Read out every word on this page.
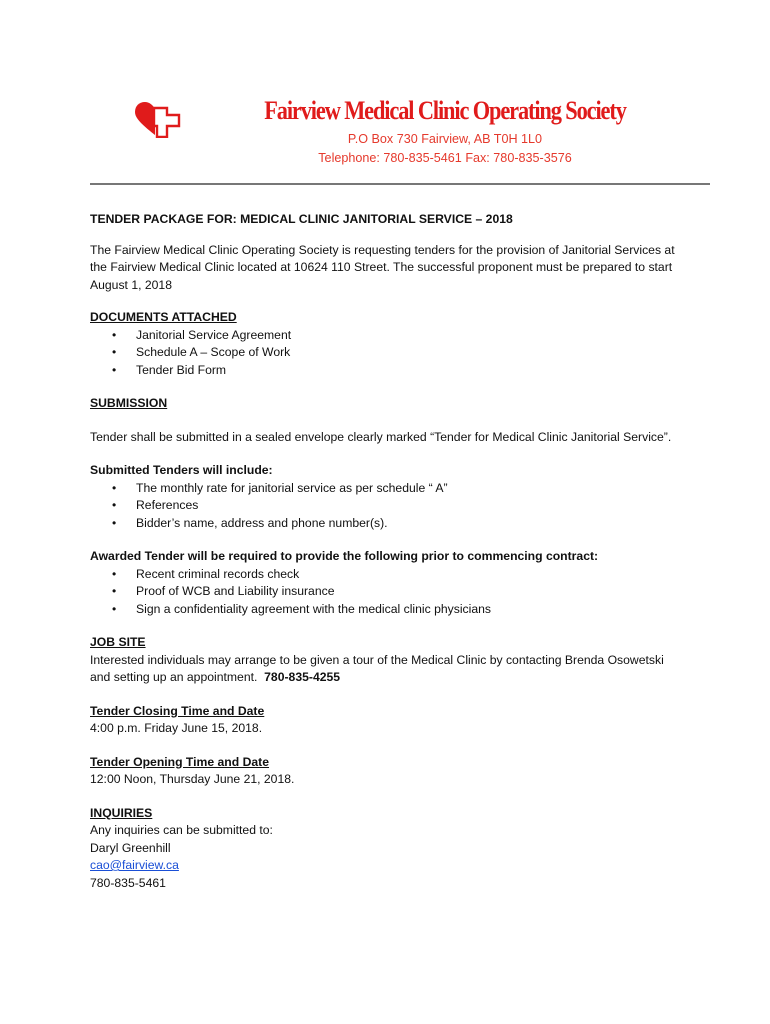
Fairview Medical Clinic Operating Society
P.O Box 730 Fairview, AB T0H 1L0
Telephone: 780-835-5461 Fax: 780-835-3576

TENDER PACKAGE FOR: MEDICAL CLINIC JANITORIAL SERVICE – 2018

The Fairview Medical Clinic Operating Society is requesting tenders for the provision of Janitorial Services at the Fairview Medical Clinic located at 10624 110 Street. The successful proponent must be prepared to start August 1, 2018

DOCUMENTS ATTACHED

• Janitorial Service Agreement
• Schedule A – Scope of Work
• Tender Bid Form

SUBMISSION

Tender shall be submitted in a sealed envelope clearly marked “Tender for Medical Clinic Janitorial Service”.

Submitted Tenders will include:

• The monthly rate for janitorial service as per schedule “ A”
• References
• Bidder’s name, address and phone number(s).

Awarded Tender will be required to provide the following prior to commencing contract:

• Recent criminal records check
• Proof of WCB and Liability insurance
• Sign a confidentiality agreement with the medical clinic physicians

JOB SITE

Interested individuals may arrange to be given a tour of the Medical Clinic by contacting Brenda Osowetski and setting up an appointment. 780-835-4255

Tender Closing Time and Date

4:00 p.m. Friday June 15, 2018.

Tender Opening Time and Date

12:00 Noon, Thursday June 21, 2018.

INQUIRIES

Any inquiries can be submitted to:

Daryl Greenhill

cao@fairview.ca

780-835-5461
